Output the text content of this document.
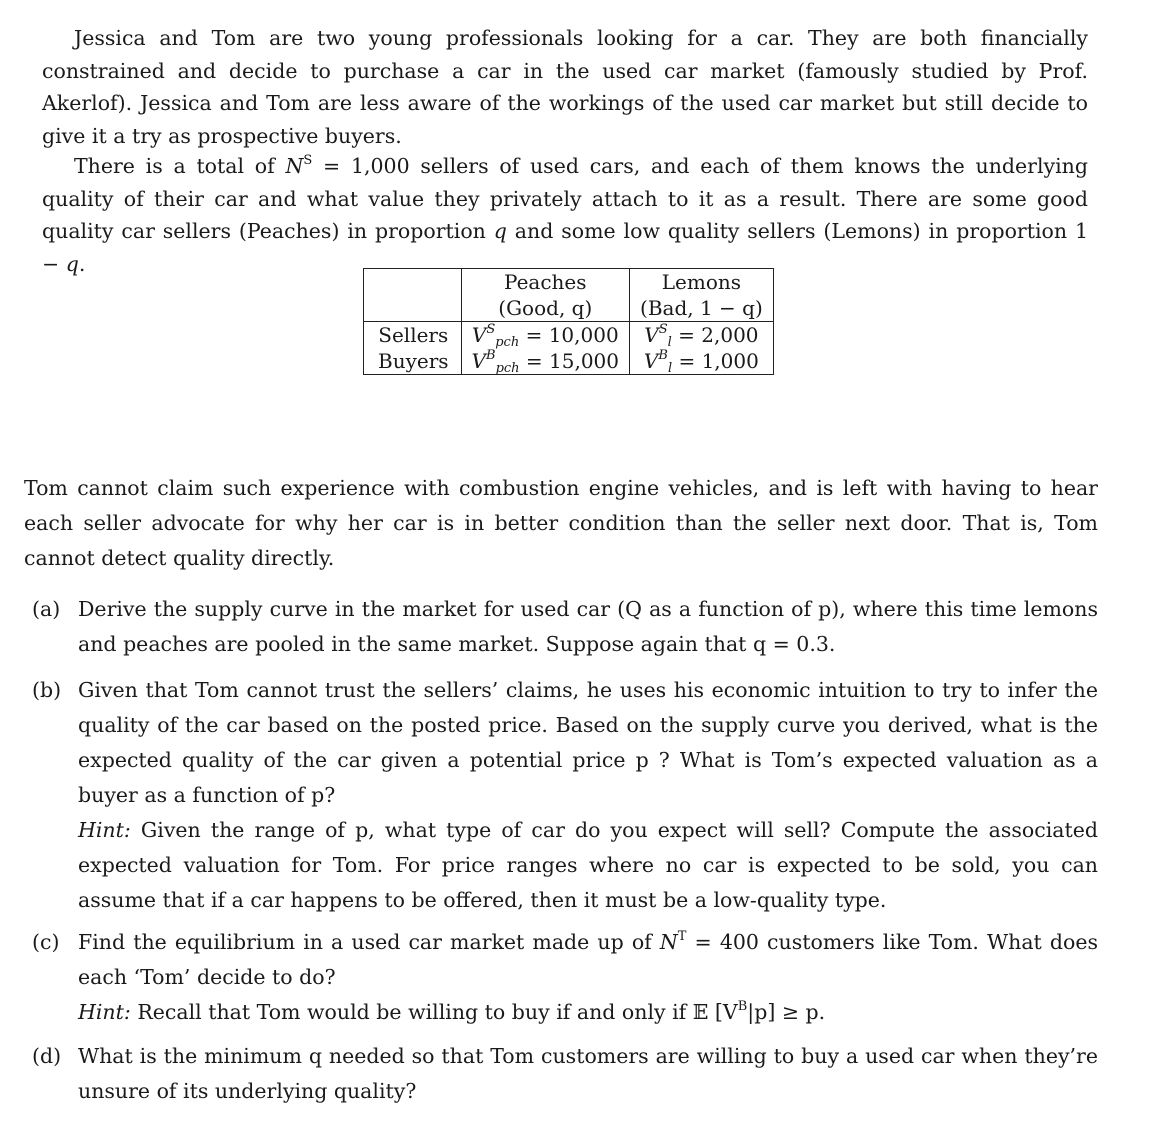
Jessica and Tom are two young professionals looking for a car. They are both financially constrained and decide to purchase a car in the used car market (famously studied by Prof. Akerlof). Jessica and Tom are less aware of the workings of the used car market but still decide to give it a try as prospective buyers.

There is a total of $N^S = 1,000$ sellers of used cars, and each of them knows the underlying quality of their car and what value they privately attach to it as a result. There are some good quality car sellers (Peaches) in proportion q and some low quality sellers (Lemons) in proportion 1 − q.

	Peaches	Lemons
	(Good, q)	(Bad, 1 − q)
Sellers	$V^S_{pch} = 10,000$	$V^S_l = 2,000$
Buyers	$V^B_{pch} = 15,000$	$V^B_l = 1,000$

Tom cannot claim such experience with combustion engine vehicles, and is left with having to hear each seller advocate for why her car is in better condition than the seller next door. That is, Tom cannot detect quality directly.

(a) Derive the supply curve in the market for used car (Q as a function of p), where this time lemons and peaches are pooled in the same market. Suppose again that q = 0.3.
(b) Given that Tom cannot trust the sellers’ claims, he uses his economic intuition to try to infer the quality of the car based on the posted price. Based on the supply curve you derived, what is the expected quality of the car given a potential price p ? What is Tom’s expected valuation as a buyer as a function of p?
Hint: Given the range of p, what type of car do you expect will sell? Compute the associated expected valuation for Tom. For price ranges where no car is expected to be sold, you can assume that if a car happens to be offered, then it must be a low-quality type.
(c) Find the equilibrium in a used car market made up of $N^T = 400$ customers like Tom. What does each ‘Tom’ decide to do?
Hint: Recall that Tom would be willing to buy if and only if 𝔼 $[V^B|p] \ge p$.
(d) What is the minimum q needed so that Tom customers are willing to buy a used car when they’re unsure of its underlying quality?
